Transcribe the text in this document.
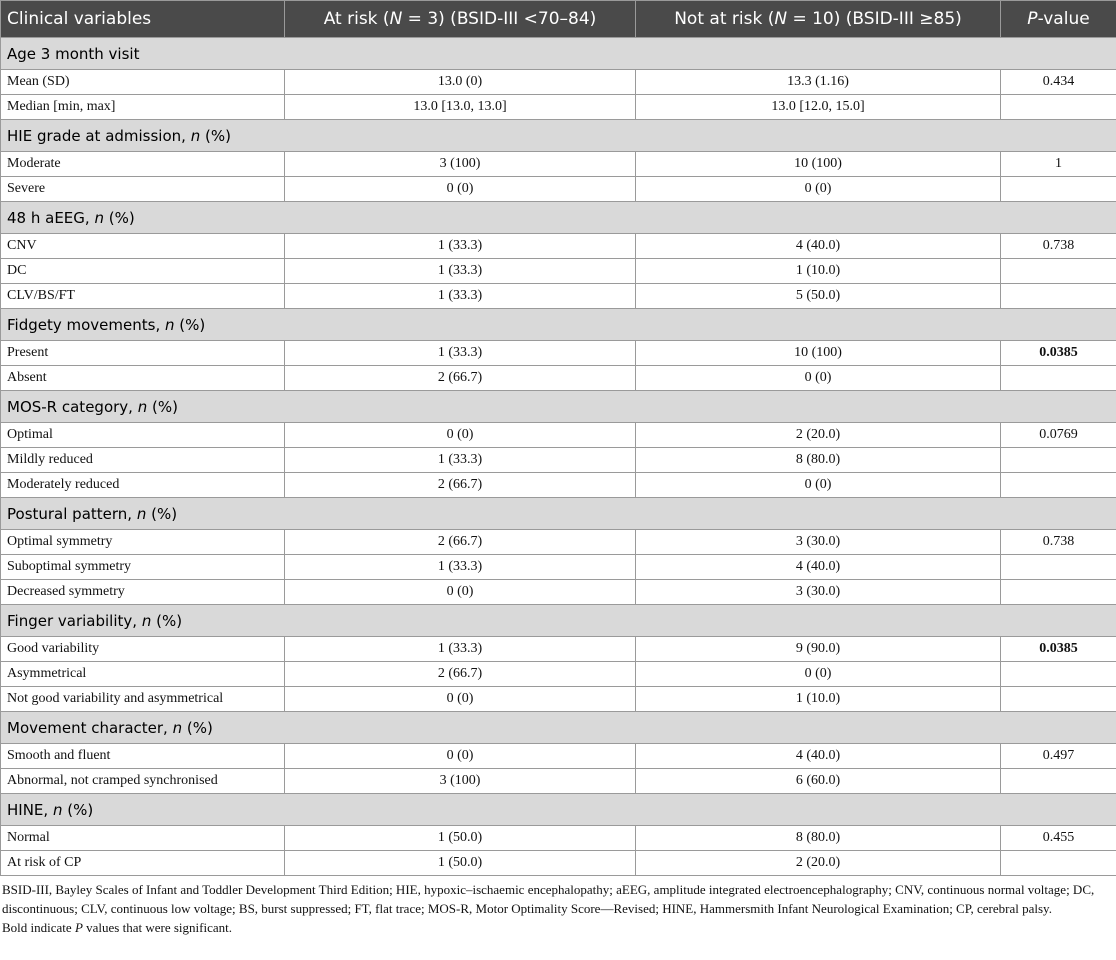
Clinical variables	At risk (N = 3) (BSID-III <70–84)	Not at risk (N = 10) (BSID-III ≥85)	P-value
Age 3 month visit			
Mean (SD)	13.0 (0)	13.3 (1.16)	0.434
Median [min, max]	13.0 [13.0, 13.0]	13.0 [12.0, 15.0]	
HIE grade at admission, n (%)			
Moderate	3 (100)	10 (100)	1
Severe	0 (0)	0 (0)	
48 h aEEG, n (%)			
CNV	1 (33.3)	4 (40.0)	0.738
DC	1 (33.3)	1 (10.0)	
CLV/BS/FT	1 (33.3)	5 (50.0)	
Fidgety movements, n (%)			
Present	1 (33.3)	10 (100)	0.0385
Absent	2 (66.7)	0 (0)	
MOS-R category, n (%)			
Optimal	0 (0)	2 (20.0)	0.0769
Mildly reduced	1 (33.3)	8 (80.0)	
Moderately reduced	2 (66.7)	0 (0)	
Postural pattern, n (%)			
Optimal symmetry	2 (66.7)	3 (30.0)	0.738
Suboptimal symmetry	1 (33.3)	4 (40.0)	
Decreased symmetry	0 (0)	3 (30.0)	
Finger variability, n (%)			
Good variability	1 (33.3)	9 (90.0)	0.0385
Asymmetrical	2 (66.7)	0 (0)	
Not good variability and asymmetrical	0 (0)	1 (10.0)	
Movement character, n (%)			
Smooth and fluent	0 (0)	4 (40.0)	0.497
Abnormal, not cramped synchronised	3 (100)	6 (60.0)	
HINE, n (%)			
Normal	1 (50.0)	8 (80.0)	0.455
At risk of CP	1 (50.0)	2 (20.0)	
BSID-III, Bayley Scales of Infant and Toddler Development Third Edition; HIE, hypoxic–ischaemic encephalopathy; aEEG, amplitude integrated electroencephalography; CNV, continuous normal voltage; DC, discontinuous; CLV, continuous low voltage; BS, burst suppressed; FT, flat trace; MOS-R, Motor Optimality Score—Revised; HINE, Hammersmith Infant Neurological Examination; CP, cerebral palsy.
Bold indicate P values that were significant.
